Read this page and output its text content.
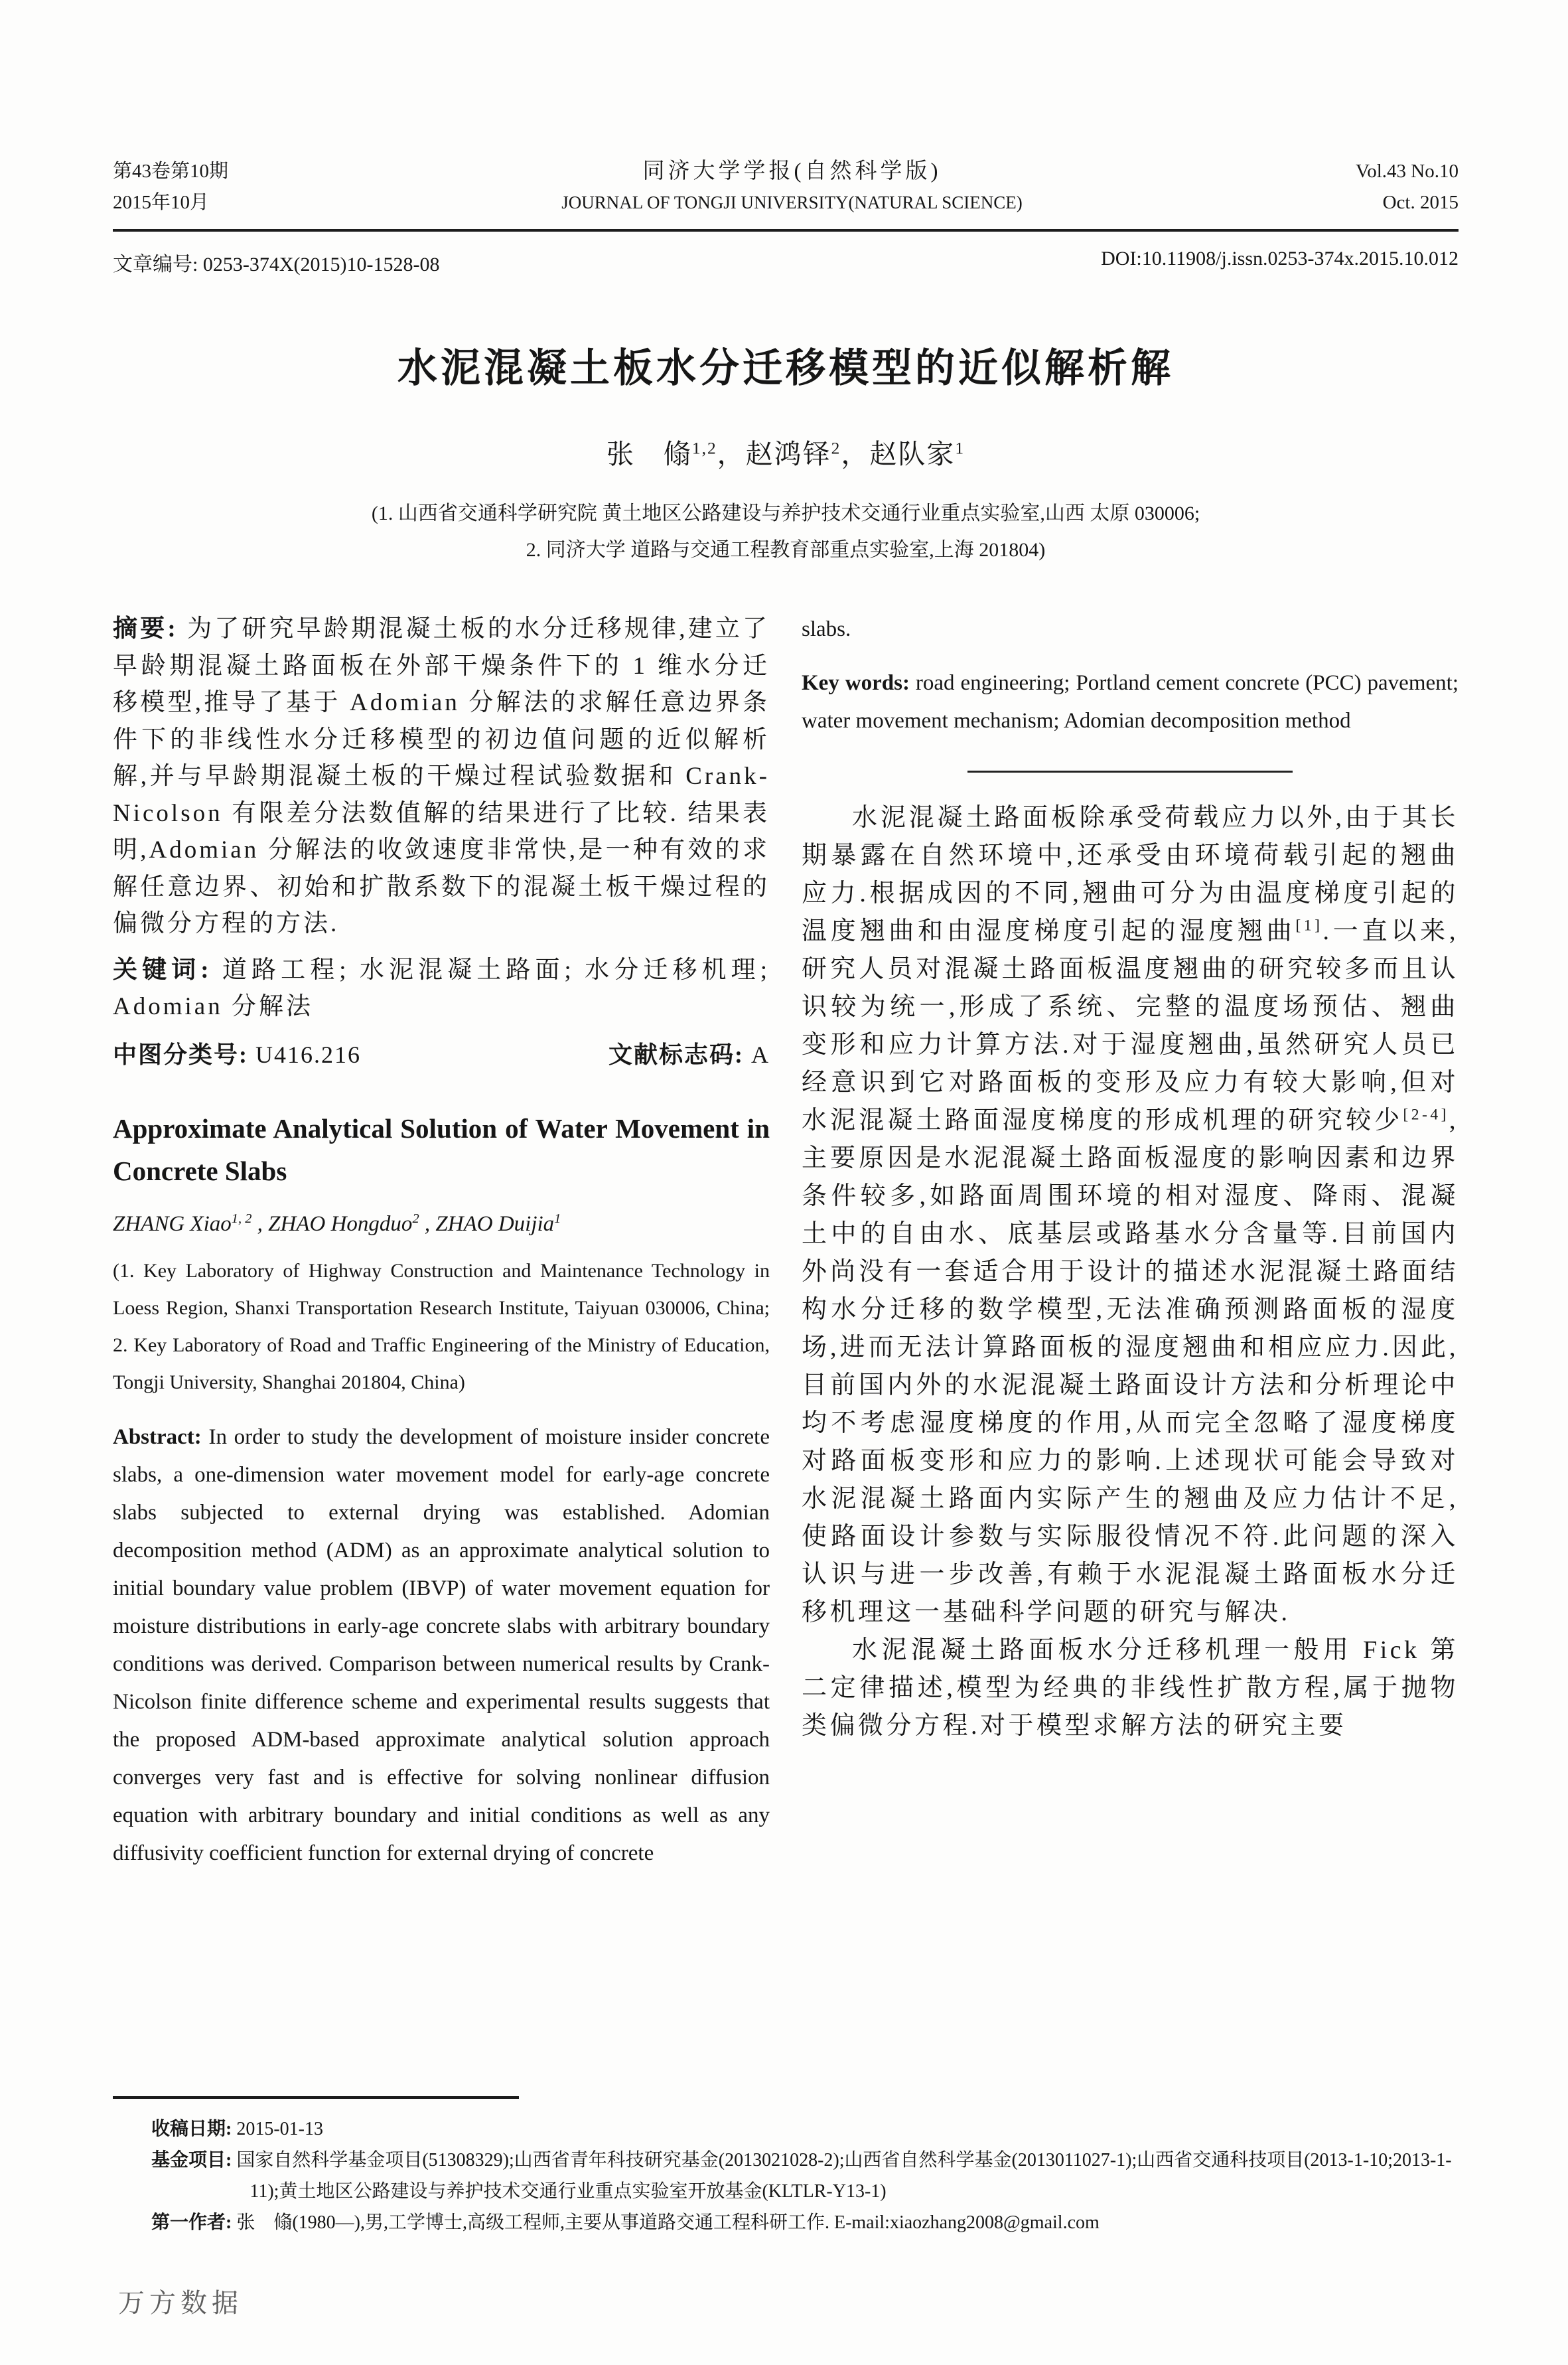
第43卷第10期
2015年10月
同济大学学报(自然科学版)
JOURNAL OF TONGJI UNIVERSITY(NATURAL SCIENCE)
Vol.43 No.10
Oct. 2015
文章编号: 0253-374X(2015)10-1528-08	DOI:10.11908/j.issn.0253-374x.2015.10.012
水泥混凝土板水分迁移模型的近似解析解
张　翛$^{1,2}$，赵鸿铎$^2$，赵队家$^1$
(1. 山西省交通科学研究院 黄土地区公路建设与养护技术交通行业重点实验室,山西 太原 030006;
2. 同济大学 道路与交通工程教育部重点实验室,上海 201804)

摘要: 为了研究早龄期混凝土板的水分迁移规律,建立了早龄期混凝土路面板在外部干燥条件下的 1 维水分迁移模型,推导了基于 Adomian 分解法的求解任意边界条件下的非线性水分迁移模型的初边值问题的近似解析解,并与早龄期混凝土板的干燥过程试验数据和 Crank-Nicolson 有限差分法数值解的结果进行了比较. 结果表明,Adomian 分解法的收敛速度非常快,是一种有效的求解任意边界、初始和扩散系数下的混凝土板干燥过程的偏微分方程的方法.

关键词: 道路工程; 水泥混凝土路面; 水分迁移机理; Adomian 分解法

中图分类号: U416.216	文献标志码: A

Approximate Analytical Solution of Water Movement in Concrete Slabs

ZHANG Xiao$^{1, 2}$ , ZHAO Hongduo$^2$ , ZHAO Duijia$^1$

(1. Key Laboratory of Highway Construction and Maintenance Technology in Loess Region, Shanxi Transportation Research Institute, Taiyuan 030006, China; 2. Key Laboratory of Road and Traffic Engineering of the Ministry of Education, Tongji University, Shanghai 201804, China)

Abstract: In order to study the development of moisture insider concrete slabs, a one-dimension water movement model for early-age concrete slabs subjected to external drying was established. Adomian decomposition method (ADM) as an approximate analytical solution to initial boundary value problem (IBVP) of water movement equation for moisture distributions in early-age concrete slabs with arbitrary boundary conditions was derived. Comparison between numerical results by Crank-Nicolson finite difference scheme and experimental results suggests that the proposed ADM-based approximate analytical solution approach converges very fast and is effective for solving nonlinear diffusion equation with arbitrary boundary and initial conditions as well as any diffusivity coefficient function for external drying of concrete

slabs.

Key words: road engineering; Portland cement concrete (PCC) pavement; water movement mechanism; Adomian decomposition method

水泥混凝土路面板除承受荷载应力以外,由于其长期暴露在自然环境中,还承受由环境荷载引起的翘曲应力.根据成因的不同,翘曲可分为由温度梯度引起的温度翘曲和由湿度梯度引起的湿度翘曲[1].一直以来,研究人员对混凝土路面板温度翘曲的研究较多而且认识较为统一,形成了系统、完整的温度场预估、翘曲变形和应力计算方法.对于湿度翘曲,虽然研究人员已经意识到它对路面板的变形及应力有较大影响,但对水泥混凝土路面湿度梯度的形成机理的研究较少[2-4],主要原因是水泥混凝土路面板湿度的影响因素和边界条件较多,如路面周围环境的相对湿度、降雨、混凝土中的自由水、底基层或路基水分含量等.目前国内外尚没有一套适合用于设计的描述水泥混凝土路面结构水分迁移的数学模型,无法准确预测路面板的湿度场,进而无法计算路面板的湿度翘曲和相应应力.因此,目前国内外的水泥混凝土路面设计方法和分析理论中均不考虑湿度梯度的作用,从而完全忽略了湿度梯度对路面板变形和应力的影响.上述现状可能会导致对水泥混凝土路面内实际产生的翘曲及应力估计不足,使路面设计参数与实际服役情况不符.此问题的深入认识与进一步改善,有赖于水泥混凝土路面板水分迁移机理这一基础科学问题的研究与解决.

水泥混凝土路面板水分迁移机理一般用 Fick 第二定律描述,模型为经典的非线性扩散方程,属于抛物类偏微分方程.对于模型求解方法的研究主要

收稿日期: 2015-01-13

基金项目: 国家自然科学基金项目(51308329);山西省青年科技研究基金(2013021028-2);山西省自然科学基金(2013011027-1);山西省交通科技项目(2013-1-10;2013-1-11);黄土地区公路建设与养护技术交通行业重点实验室开放基金(KLTLR-Y13-1)

第一作者: 张　翛(1980—),男,工学博士,高级工程师,主要从事道路交通工程科研工作. E-mail:xiaozhang2008@gmail.com

万方数据
